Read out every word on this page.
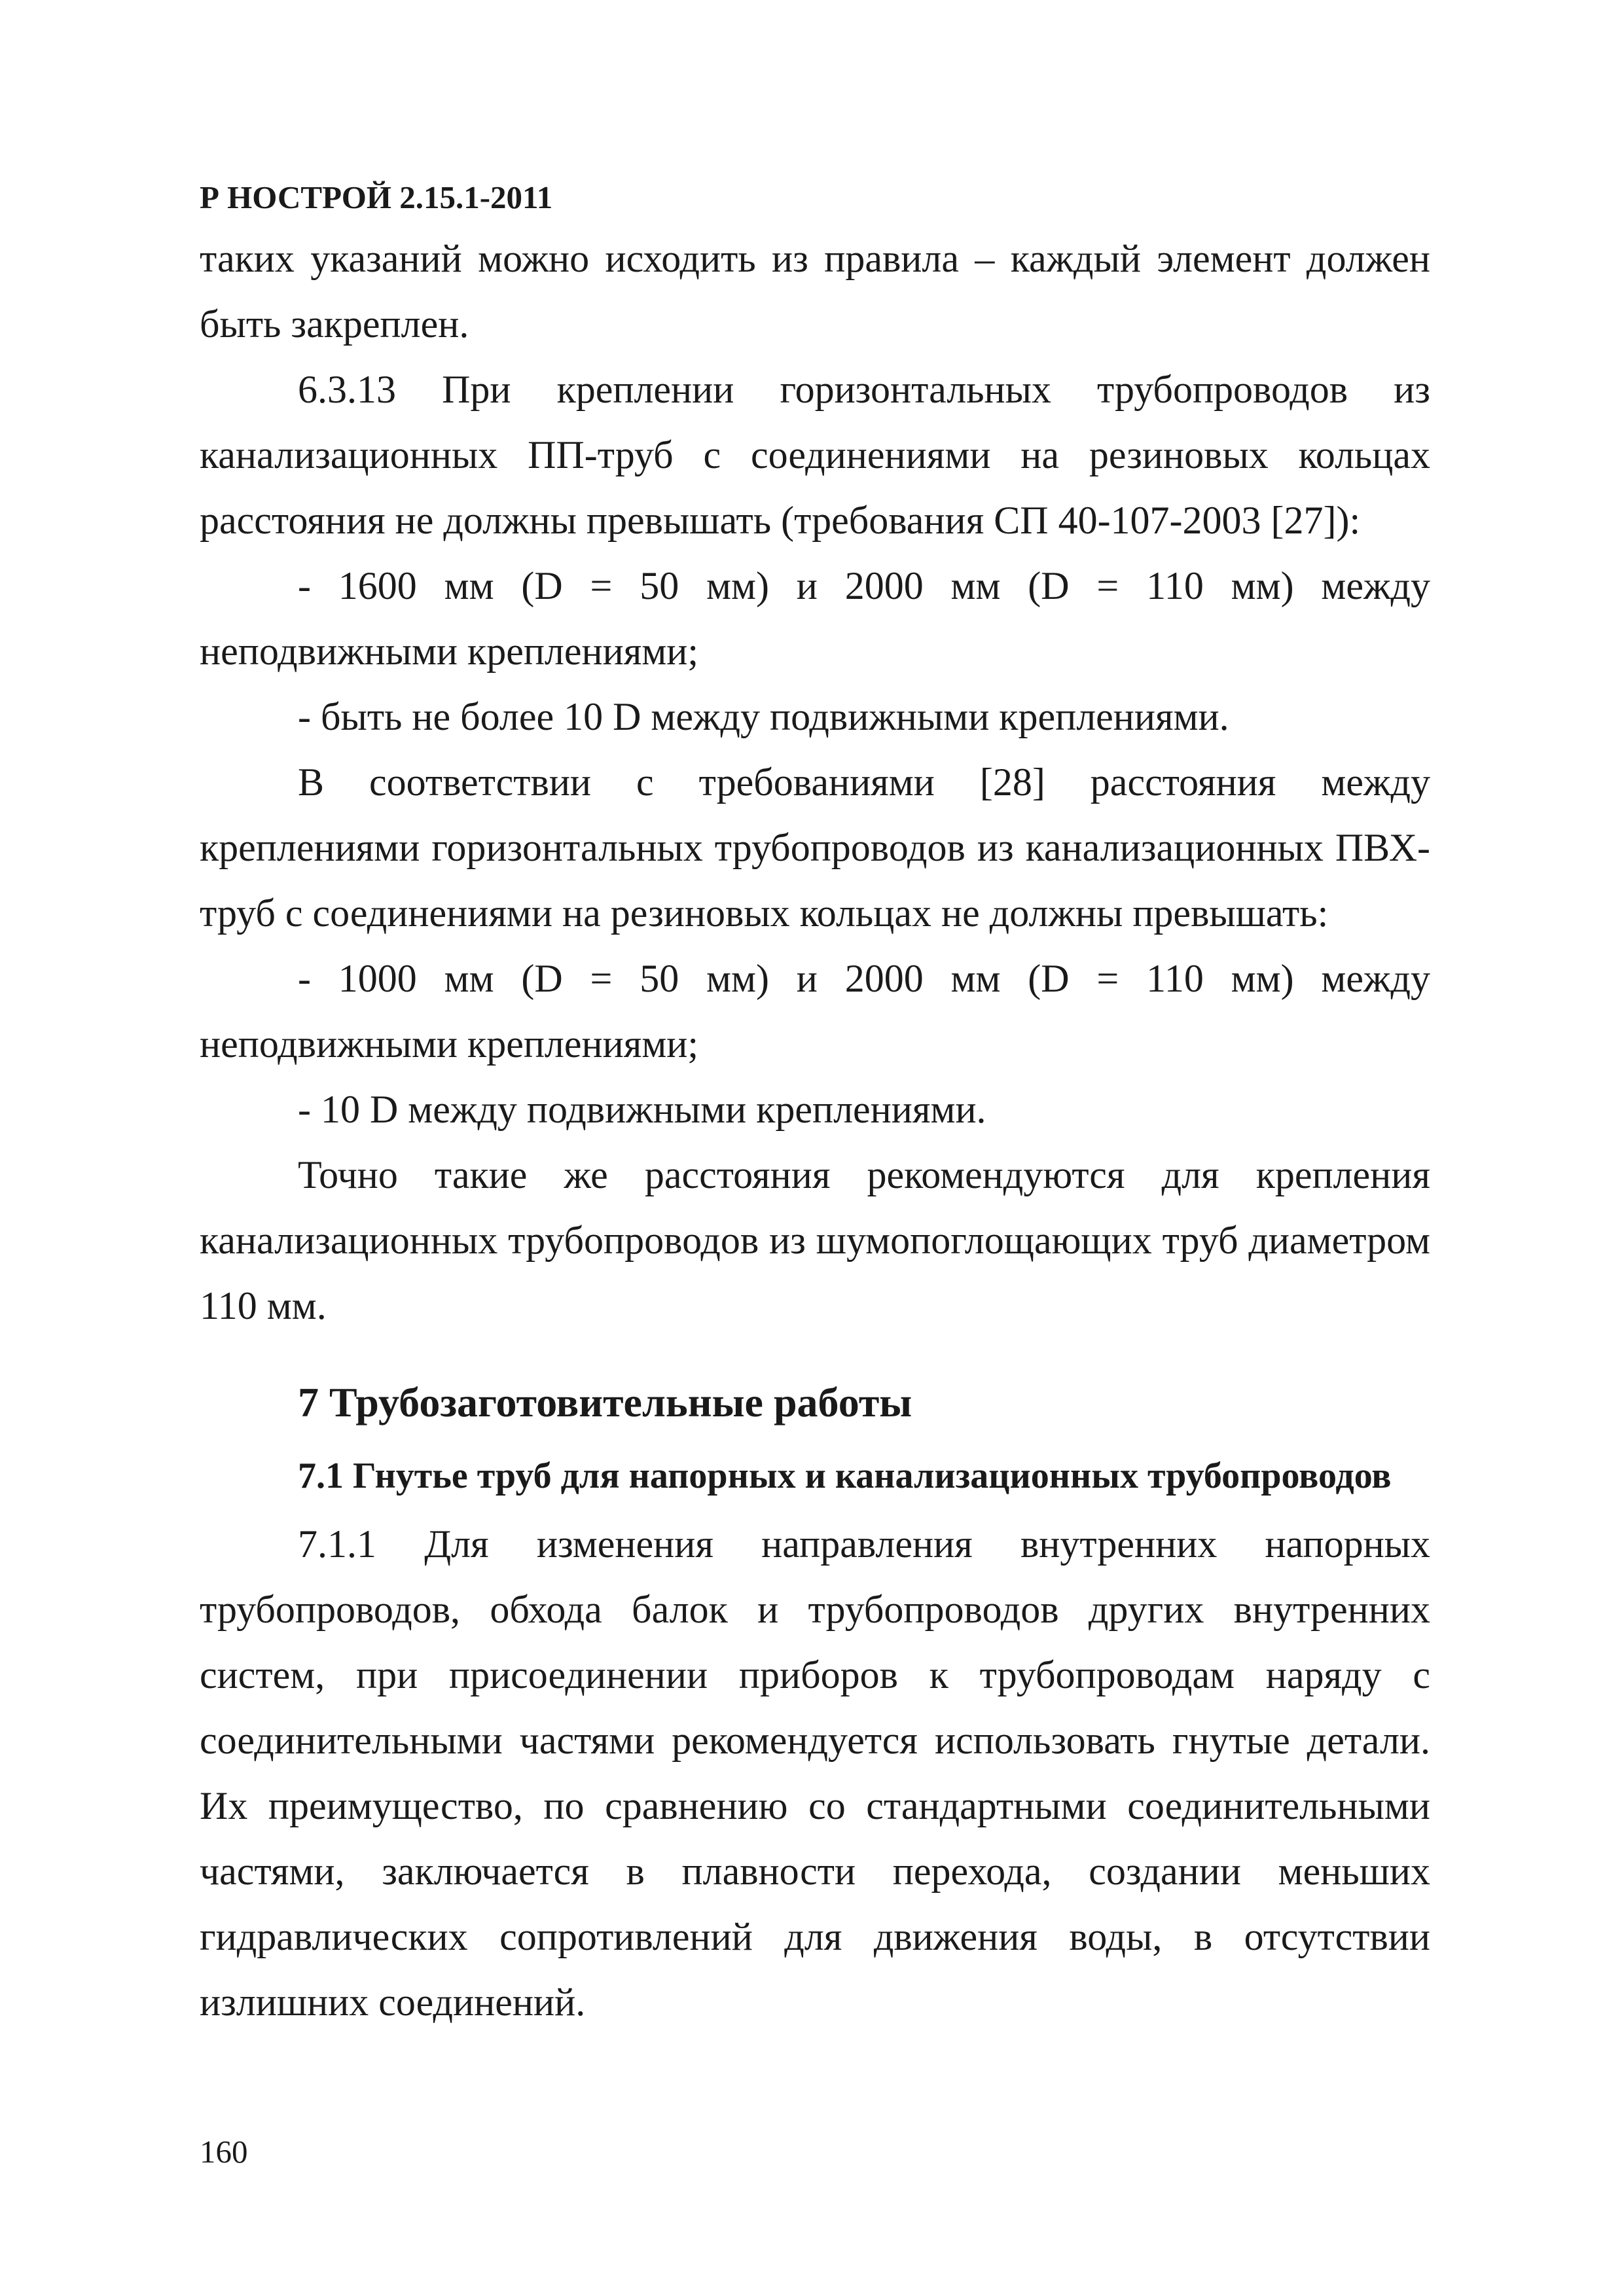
Р НОСТРОЙ 2.15.1-2011

таких указаний можно исходить из правила – каждый элемент должен быть закреплен.

6.3.13 При креплении горизонтальных трубопроводов из канализационных ПП-труб с соединениями на резиновых кольцах расстояния не должны превышать (требования СП 40-107-2003 [27]):

- 1600 мм (D = 50 мм) и 2000 мм (D = 110 мм) между неподвижными креплениями;

- быть не более 10 D между подвижными креплениями.

В соответствии с требованиями [28] расстояния между креплениями горизонтальных трубопроводов из канализационных ПВХ-труб с соединениями на резиновых кольцах не должны превышать:

- 1000 мм (D = 50 мм) и 2000 мм (D = 110 мм) между неподвижными креплениями;

- 10 D между подвижными креплениями.

Точно такие же расстояния рекомендуются для крепления канализационных трубопроводов из шумопоглощающих труб диаметром 110 мм.

7 Трубозаготовительные работы

7.1 Гнутье труб для напорных и канализационных трубопроводов

7.1.1 Для изменения направления внутренних напорных трубопроводов, обхода балок и трубопроводов других внутренних систем, при присоединении приборов к трубопроводам наряду с соединительными частями рекомендуется использовать гнутые детали. Их преимущество, по сравнению со стандартными соединительными частями, заключается в плавности перехода, создании меньших гидравлических сопротивлений для движения воды, в отсутствии излишних соединений.

160
